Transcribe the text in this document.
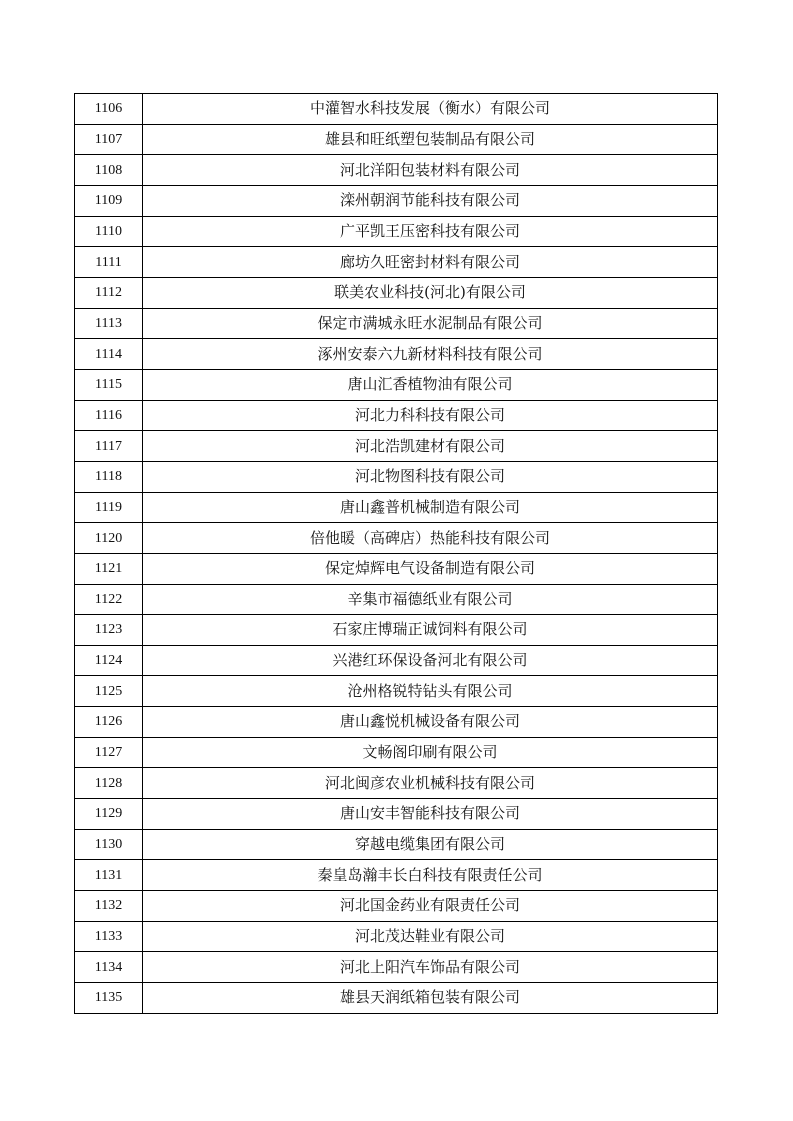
1106	中灌智水科技发展（衡水）有限公司
1107	雄县和旺纸塑包装制品有限公司
1108	河北洋阳包装材料有限公司
1109	滦州朝润节能科技有限公司
1110	广平凯王压密科技有限公司
1111	廊坊久旺密封材料有限公司
1112	联美农业科技(河北)有限公司
1113	保定市满城永旺水泥制品有限公司
1114	涿州安泰六九新材料科技有限公司
1115	唐山汇香植物油有限公司
1116	河北力科科技有限公司
1117	河北浩凯建材有限公司
1118	河北物图科技有限公司
1119	唐山鑫普机械制造有限公司
1120	倍他暖（高碑店）热能科技有限公司
1121	保定焯辉电气设备制造有限公司
1122	辛集市福德纸业有限公司
1123	石家庄博瑞正诚饲料有限公司
1124	兴港红环保设备河北有限公司
1125	沧州格锐特钻头有限公司
1126	唐山鑫悦机械设备有限公司
1127	文畅阁印刷有限公司
1128	河北闽彦农业机械科技有限公司
1129	唐山安丰智能科技有限公司
1130	穿越电缆集团有限公司
1131	秦皇岛瀚丰长白科技有限责任公司
1132	河北国金药业有限责任公司
1133	河北茂达鞋业有限公司
1134	河北上阳汽车饰品有限公司
1135	雄县天润纸箱包装有限公司
